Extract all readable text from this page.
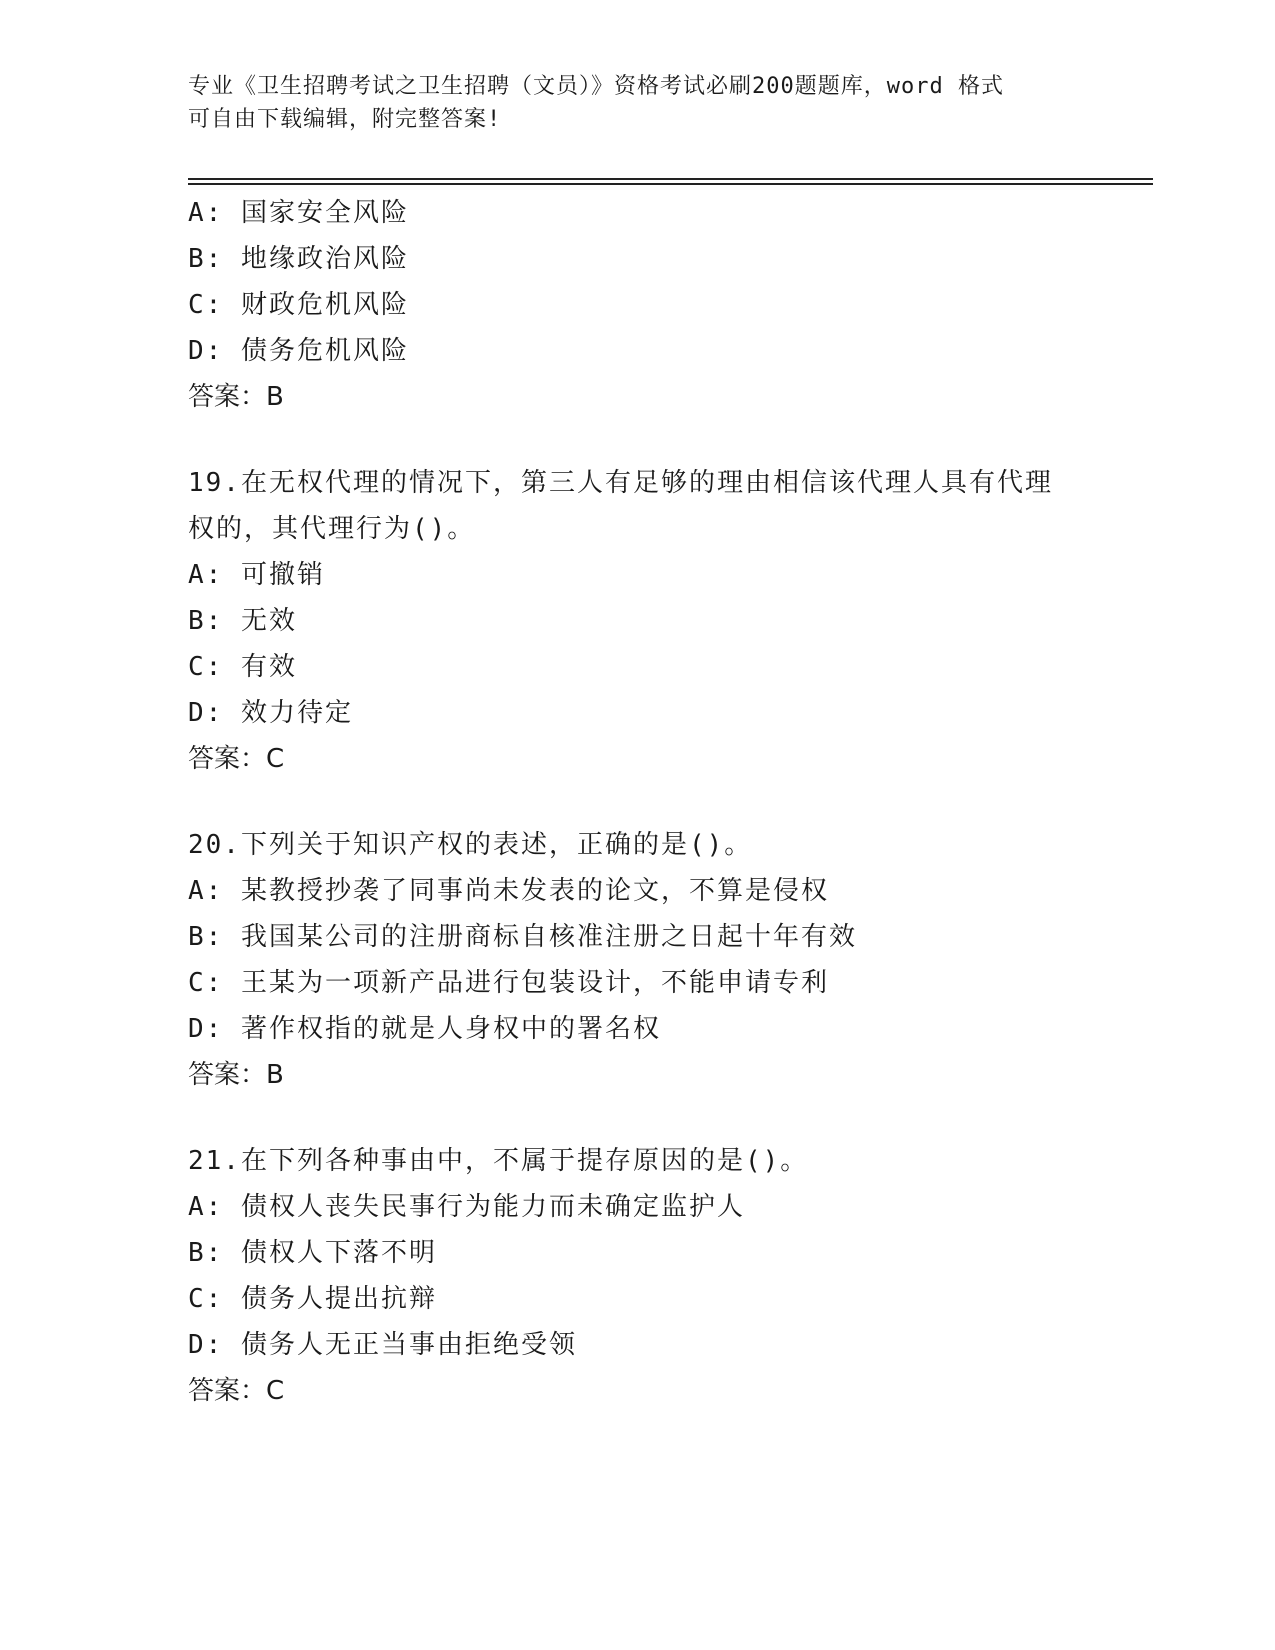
专业《卫生招聘考试之卫生招聘（文员）》资格考试必刷200题题库，word 格式
可自由下载编辑，附完整答案!
A: 国家安全风险
B: 地缘政治风险
C: 财政危机风险
D: 债务危机风险
答案：B
19.在无权代理的情况下，第三人有足够的理由相信该代理人具有代理
权的，其代理行为()。
A: 可撤销
B: 无效
C: 有效
D: 效力待定
答案：C
20.下列关于知识产权的表述，正确的是()。
A: 某教授抄袭了同事尚未发表的论文，不算是侵权
B: 我国某公司的注册商标自核准注册之日起十年有效
C: 王某为一项新产品进行包装设计，不能申请专利
D: 著作权指的就是人身权中的署名权
答案：B
21.在下列各种事由中，不属于提存原因的是()。
A: 债权人丧失民事行为能力而未确定监护人
B: 债权人下落不明
C: 债务人提出抗辩
D: 债务人无正当事由拒绝受领
答案：C
